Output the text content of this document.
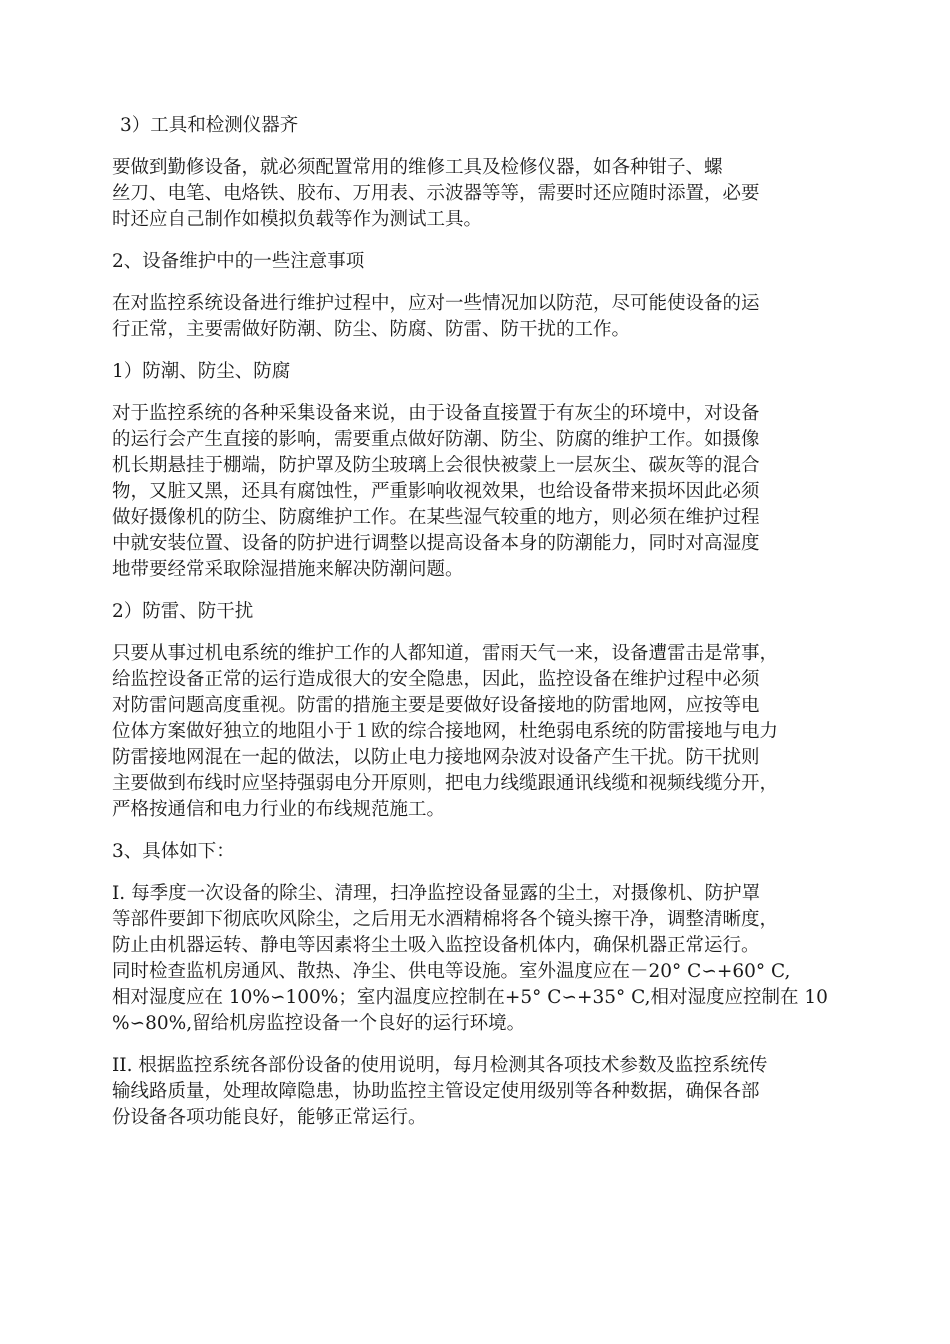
3）工具和检测仪器齐

要做到勤修设备，就必须配置常用的维修工具及检修仪器，如各种钳子、螺
丝刀、电笔、电烙铁、胶布、万用表、示波器等等，需要时还应随时添置，必要
时还应自己制作如模拟负载等作为测试工具。

2、设备维护中的一些注意事项

在对监控系统设备进行维护过程中，应对一些情况加以防范，尽可能使设备的运
行正常，主要需做好防潮、防尘、防腐、防雷、防干扰的工作。

1）防潮、防尘、防腐

对于监控系统的各种采集设备来说，由于设备直接置于有灰尘的环境中，对设备
的运行会产生直接的影响，需要重点做好防潮、防尘、防腐的维护工作。如摄像
机长期悬挂于棚端，防护罩及防尘玻璃上会很快被蒙上一层灰尘、碳灰等的混合
物，又脏又黑，还具有腐蚀性，严重影响收视效果，也给设备带来损坏因此必须
做好摄像机的防尘、防腐维护工作。在某些湿气较重的地方，则必须在维护过程
中就安装位置、设备的防护进行调整以提高设备本身的防潮能力，同时对高湿度
地带要经常采取除湿措施来解决防潮问题。

2）防雷、防干扰

只要从事过机电系统的维护工作的人都知道，雷雨天气一来，设备遭雷击是常事，
给监控设备正常的运行造成很大的安全隐患，因此，监控设备在维护过程中必须
对防雷问题高度重视。防雷的措施主要是要做好设备接地的防雷地网，应按等电
位体方案做好独立的地阻小于１欧的综合接地网，杜绝弱电系统的防雷接地与电力
防雷接地网混在一起的做法，以防止电力接地网杂波对设备产生干扰。防干扰则
主要做到布线时应坚持强弱电分开原则，把电力线缆跟通讯线缆和视频线缆分开，
严格按通信和电力行业的布线规范施工。

3、具体如下：

I. 每季度一次设备的除尘、清理，扫净监控设备显露的尘土，对摄像机、防护罩
等部件要卸下彻底吹风除尘，之后用无水酒精棉将各个镜头擦干净，调整清晰度，
防止由机器运转、静电等因素将尘土吸入监控设备机体内，确保机器正常运行。
同时检查监机房通风、散热、净尘、供电等设施。室外温度应在－20° C∽+60° C,
相对湿度应在 10%∽100%；室内温度应控制在+5° C∽+35° C,相对湿度应控制在 10
%∽80%,留给机房监控设备一个良好的运行环境。

II. 根据监控系统各部份设备的使用说明，每月检测其各项技术参数及监控系统传
输线路质量，处理故障隐患，协助监控主管设定使用级别等各种数据，确保各部
份设备各项功能良好，能够正常运行。
